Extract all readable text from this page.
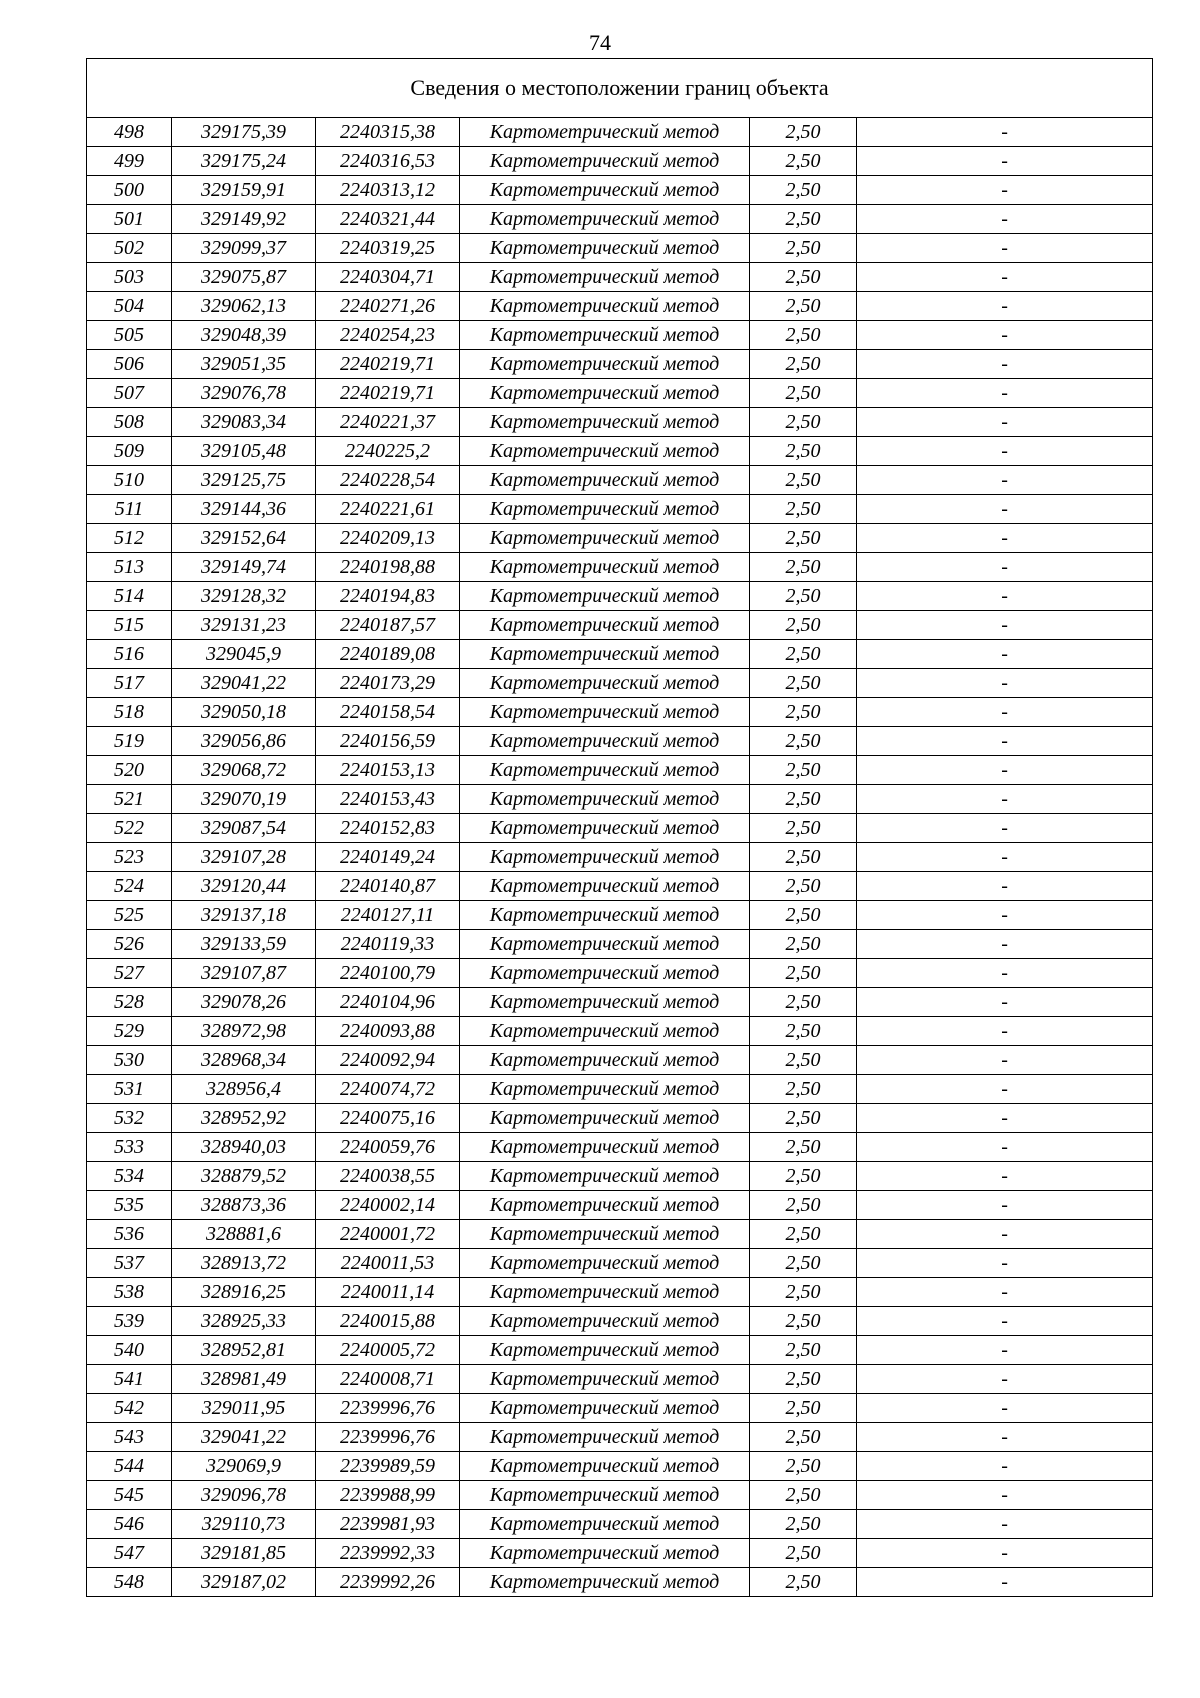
74
Сведения о местоположении границ объекта					
498	329175,39	2240315,38	Картометрический метод	2,50	-
499	329175,24	2240316,53	Картометрический метод	2,50	-
500	329159,91	2240313,12	Картометрический метод	2,50	-
501	329149,92	2240321,44	Картометрический метод	2,50	-
502	329099,37	2240319,25	Картометрический метод	2,50	-
503	329075,87	2240304,71	Картометрический метод	2,50	-
504	329062,13	2240271,26	Картометрический метод	2,50	-
505	329048,39	2240254,23	Картометрический метод	2,50	-
506	329051,35	2240219,71	Картометрический метод	2,50	-
507	329076,78	2240219,71	Картометрический метод	2,50	-
508	329083,34	2240221,37	Картометрический метод	2,50	-
509	329105,48	2240225,2	Картометрический метод	2,50	-
510	329125,75	2240228,54	Картометрический метод	2,50	-
511	329144,36	2240221,61	Картометрический метод	2,50	-
512	329152,64	2240209,13	Картометрический метод	2,50	-
513	329149,74	2240198,88	Картометрический метод	2,50	-
514	329128,32	2240194,83	Картометрический метод	2,50	-
515	329131,23	2240187,57	Картометрический метод	2,50	-
516	329045,9	2240189,08	Картометрический метод	2,50	-
517	329041,22	2240173,29	Картометрический метод	2,50	-
518	329050,18	2240158,54	Картометрический метод	2,50	-
519	329056,86	2240156,59	Картометрический метод	2,50	-
520	329068,72	2240153,13	Картометрический метод	2,50	-
521	329070,19	2240153,43	Картометрический метод	2,50	-
522	329087,54	2240152,83	Картометрический метод	2,50	-
523	329107,28	2240149,24	Картометрический метод	2,50	-
524	329120,44	2240140,87	Картометрический метод	2,50	-
525	329137,18	2240127,11	Картометрический метод	2,50	-
526	329133,59	2240119,33	Картометрический метод	2,50	-
527	329107,87	2240100,79	Картометрический метод	2,50	-
528	329078,26	2240104,96	Картометрический метод	2,50	-
529	328972,98	2240093,88	Картометрический метод	2,50	-
530	328968,34	2240092,94	Картометрический метод	2,50	-
531	328956,4	2240074,72	Картометрический метод	2,50	-
532	328952,92	2240075,16	Картометрический метод	2,50	-
533	328940,03	2240059,76	Картометрический метод	2,50	-
534	328879,52	2240038,55	Картометрический метод	2,50	-
535	328873,36	2240002,14	Картометрический метод	2,50	-
536	328881,6	2240001,72	Картометрический метод	2,50	-
537	328913,72	2240011,53	Картометрический метод	2,50	-
538	328916,25	2240011,14	Картометрический метод	2,50	-
539	328925,33	2240015,88	Картометрический метод	2,50	-
540	328952,81	2240005,72	Картометрический метод	2,50	-
541	328981,49	2240008,71	Картометрический метод	2,50	-
542	329011,95	2239996,76	Картометрический метод	2,50	-
543	329041,22	2239996,76	Картометрический метод	2,50	-
544	329069,9	2239989,59	Картометрический метод	2,50	-
545	329096,78	2239988,99	Картометрический метод	2,50	-
546	329110,73	2239981,93	Картометрический метод	2,50	-
547	329181,85	2239992,33	Картометрический метод	2,50	-
548	329187,02	2239992,26	Картометрический метод	2,50	-
